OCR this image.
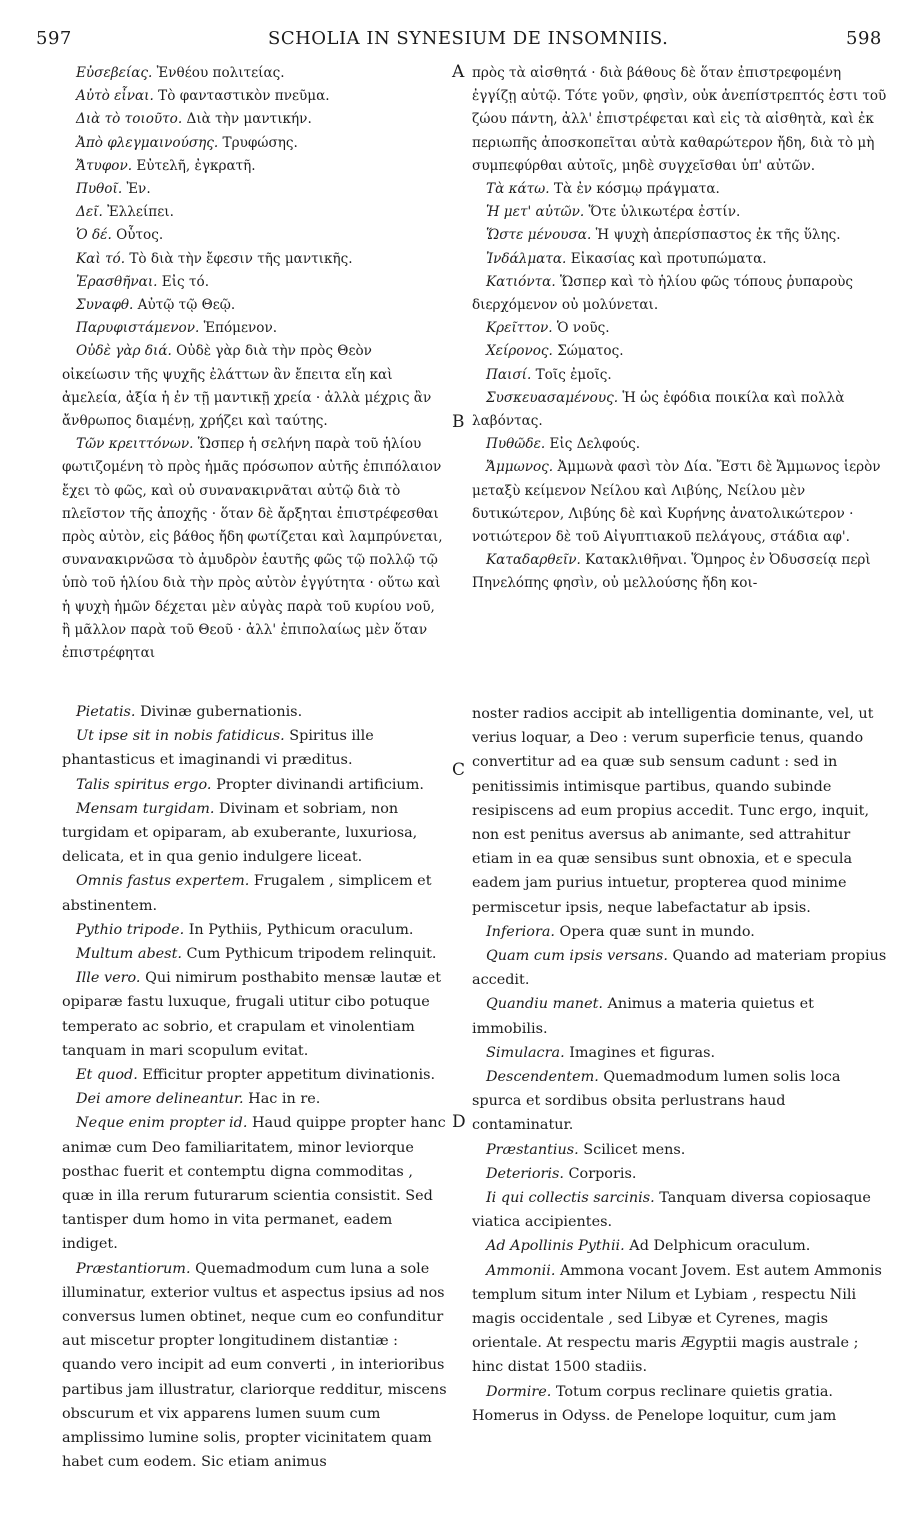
597	SCHOLIA IN SYNESIUM DE INSOMNIIS.	598
A
B
C
D

Εὐσεβείας. Ἐνθέου πολιτείας.

Αὐτὸ εἶναι. Τὸ φανταστικὸν πνεῦμα.

Διὰ τὸ τοιοῦτο. Διὰ τὴν μαντικήν.

Ἀπὸ φλεγμαινούσης. Τρυφώσης.

Ἄτυφον. Εὐτελῆ, ἐγκρατῆ.

Πυθοῖ. Ἐν.

Δεῖ. Ἐλλείπει.

Ὁ δέ. Οὗτος.

Καὶ τό. Τὸ διὰ τὴν ἔφεσιν τῆς μαντικῆς.

Ἐρασθῆναι. Εἰς τό.

Συναφθ. Αὐτῷ τῷ Θεῷ.

Παρυφιστάμενον. Ἑπόμενον.

Οὐδὲ γὰρ διά. Οὐδὲ γὰρ διὰ τὴν πρὸς Θεὸν οἰκείωσιν τῆς ψυχῆς ἐλάττων ἂν ἔπειτα εἴη καὶ ἀμελεία, ἀξία ἡ ἐν τῇ μαντικῇ χρεία · ἀλλὰ μέχρις ἂν ἄνθρωπος διαμένῃ, χρήζει καὶ ταύτης.

Τῶν κρειττόνων. Ὥσπερ ἡ σελήνη παρὰ τοῦ ἡλίου φωτιζομένη τὸ πρὸς ἡμᾶς πρόσωπον αὐτῆς ἐπιπόλαιον ἔχει τὸ φῶς, καὶ οὐ συνανακιρνᾶται αὐτῷ διὰ τὸ πλεῖστον τῆς ἀποχῆς · ὅταν δὲ ἄρξηται ἐπιστρέφεσθαι πρὸς αὐτὸν, εἰς βάθος ἤδη φωτίζεται καὶ λαμπρύνεται, συνανακιρνῶσα τὸ ἀμυδρὸν ἑαυτῆς φῶς τῷ πολλῷ τῷ ὑπὸ τοῦ ἡλίου διὰ τὴν πρὸς αὐτὸν ἐγγύτητα · οὕτω καὶ ἡ ψυχὴ ἡμῶν δέχεται μὲν αὐγὰς παρὰ τοῦ κυρίου νοῦ, ἢ μᾶλλον παρὰ τοῦ Θεοῦ · ἀλλ' ἐπιπολαίως μὲν ὅταν ἐπιστρέφηται

πρὸς τὰ αἰσθητά · διὰ βάθους δὲ ὅταν ἐπιστρεφομένη ἐγγίζῃ αὐτῷ. Τότε γοῦν, φησὶν, οὐκ ἀνεπίστρεπτός ἐστι τοῦ ζώου πάντη, ἀλλ' ἐπιστρέφεται καὶ εἰς τὰ αἰσθητὰ, καὶ ἐκ περιωπῆς ἀποσκοπεῖται αὐτὰ καθαρώτερον ἤδη, διὰ τὸ μὴ συμπεφύρθαι αὐτοῖς, μηδὲ συγχεῖσθαι ὑπ' αὐτῶν.

Τὰ κάτω. Τὰ ἐν κόσμῳ πράγματα.

Ἡ μετ' αὐτῶν. Ὅτε ὑλικωτέρα ἐστίν.

Ὥστε μένουσα. Ἡ ψυχὴ ἀπερίσπαστος ἐκ τῆς ὕλης.

Ἰνδάλματα. Εἰκασίας καὶ προτυπώματα.

Κατιόντα. Ὥσπερ καὶ τὸ ἡλίου φῶς τόπους ῥυπαροὺς διερχόμενον οὐ μολύνεται.

Κρεῖττον. Ὁ νοῦς.

Χείρονος. Σώματος.

Παισί. Τοῖς ἐμοῖς.

Συσκευασαμένους. Ἡ ὡς ἐφόδια ποικίλα καὶ πολλὰ λαβόντας.

Πυθῶδε. Εἰς Δελφούς.

Ἄμμωνος. Ἀμμωνὰ φασὶ τὸν Δία. Ἔστι δὲ Ἄμμωνος ἱερὸν μεταξὺ κείμενον Νείλου καὶ Λιβύης, Νείλου μὲν δυτικώτερον, Λιβύης δὲ καὶ Κυρήνης ἀνατολικώτερον · νοτιώτερον δὲ τοῦ Αἰγυπτιακοῦ πελάγους, στάδια αφ'.

Καταδαρθεῖν. Κατακλιθῆναι. Ὅμηρος ἐν Ὀδυσσείᾳ περὶ Πηνελόπης φησὶν, οὐ μελλούσης ἤδη κοι-

Pietatis. Divinæ gubernationis.

Ut ipse sit in nobis fatidicus. Spiritus ille phantasticus et imaginandi vi præditus.

Talis spiritus ergo. Propter divinandi artificium.

Mensam turgidam. Divinam et sobriam, non turgidam et opiparam, ab exuberante, luxuriosa, delicata, et in qua genio indulgere liceat.

Omnis fastus expertem. Frugalem , simplicem et abstinentem.

Pythio tripode. In Pythiis, Pythicum oraculum.

Multum abest. Cum Pythicum tripodem relinquit.

Ille vero. Qui nimirum posthabito mensæ lautæ et opiparæ fastu luxuque, frugali utitur cibo potuque temperato ac sobrio, et crapulam et vinolentiam tanquam in mari scopulum evitat.

Et quod. Efficitur propter appetitum divinationis.

Dei amore delineantur. Hac in re.

Neque enim propter id. Haud quippe propter hanc animæ cum Deo familiaritatem, minor leviorque posthac fuerit et contemptu digna commoditas , quæ in illa rerum futurarum scientia consistit. Sed tantisper dum homo in vita permanet, eadem indiget.

Præstantiorum. Quemadmodum cum luna a sole illuminatur, exterior vultus et aspectus ipsius ad nos conversus lumen obtinet, neque cum eo confunditur aut miscetur propter longitudinem distantiæ : quando vero incipit ad eum converti , in interioribus partibus jam illustratur, clariorque redditur, miscens obscurum et vix apparens lumen suum cum amplissimo lumine solis, propter vicinitatem quam habet cum eodem. Sic etiam animus

noster radios accipit ab intelligentia dominante, vel, ut verius loquar, a Deo : verum superficie tenus, quando convertitur ad ea quæ sub sensum cadunt : sed in penitissimis intimisque partibus, quando subinde resipiscens ad eum propius accedit. Tunc ergo, inquit, non est penitus aversus ab animante, sed attrahitur etiam in ea quæ sensibus sunt obnoxia, et e specula eadem jam purius intuetur, propterea quod minime permiscetur ipsis, neque labefactatur ab ipsis.

Inferiora. Opera quæ sunt in mundo.

Quam cum ipsis versans. Quando ad materiam propius accedit.

Quandiu manet. Animus a materia quietus et immobilis.

Simulacra. Imagines et figuras.

Descendentem. Quemadmodum lumen solis loca spurca et sordibus obsita perlustrans haud contaminatur.

Præstantius. Scilicet mens.

Deterioris. Corporis.

Ii qui collectis sarcinis. Tanquam diversa copiosaque viatica accipientes.

Ad Apollinis Pythii. Ad Delphicum oraculum.

Ammonii. Ammona vocant Jovem. Est autem Ammonis templum situm inter Nilum et Lybiam , respectu Nili magis occidentale , sed Libyæ et Cyrenes, magis orientale. At respectu maris Ægyptii magis australe ; hinc distat 1500 stadiis.

Dormire. Totum corpus reclinare quietis gratia. Homerus in Odyss. de Penelope loquitur, cum jam
